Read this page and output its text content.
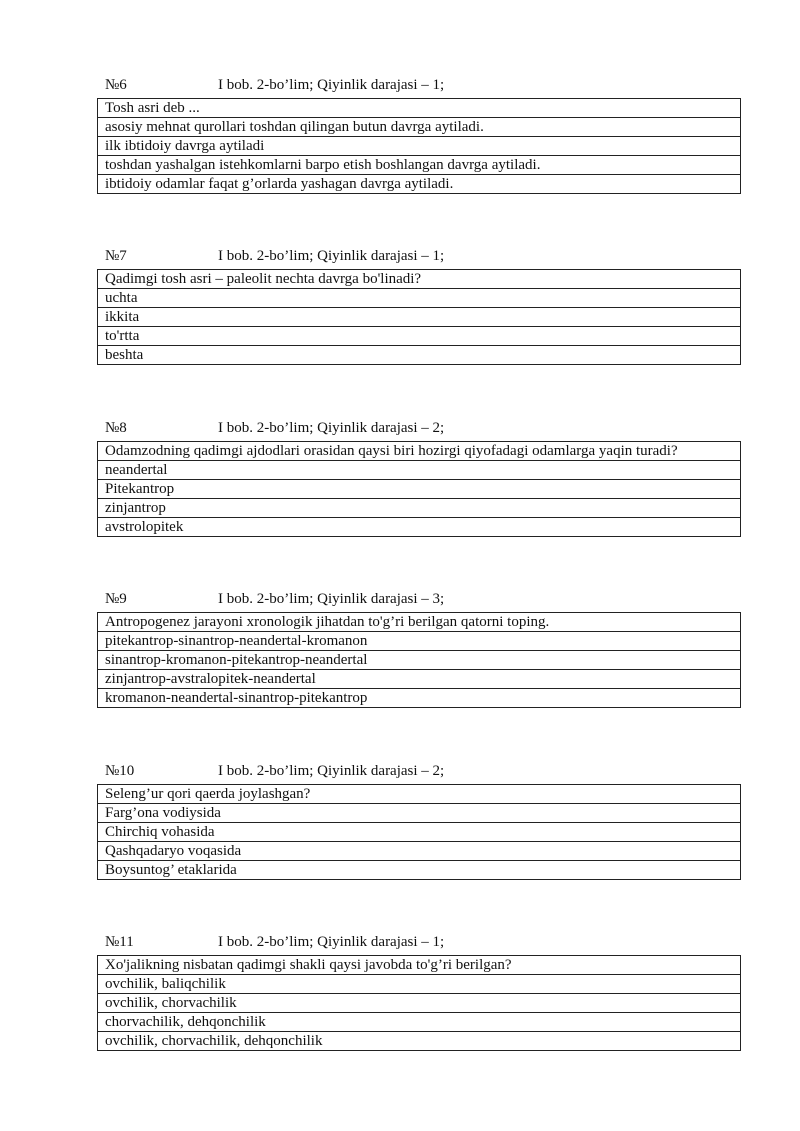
№6	I bob. 2-bo’lim; Qiyinlik darajasi – 1;
Tosh asri deb ...
asosiy mehnat qurollari toshdan qilingan butun davrga aytiladi.
ilk ibtidoiy davrga aytiladi
toshdan yashalgan istehkomlarni barpo etish boshlangan davrga aytiladi.
ibtidoiy odamlar faqat g’orlarda yashagan davrga aytiladi.
№7	I bob. 2-bo’lim; Qiyinlik darajasi – 1;
Qadimgi tosh asri – paleolit nechta davrga bo'linadi?
uchta
ikkita
to'rtta
beshta
№8	I bob. 2-bo’lim; Qiyinlik darajasi – 2;
Odamzodning qadimgi ajdodlari orasidan qaysi biri hozirgi qiyofadagi odamlarga yaqin turadi?
neandertal
Pitekantrop
zinjantrop
avstrolopitek
№9	I bob. 2-bo’lim; Qiyinlik darajasi – 3;
Antropogenez jarayoni xronologik jihatdan to'g’ri berilgan qatorni toping.
pitekantrop-sinantrop-neandertal-kromanon
sinantrop-kromanon-pitekantrop-neandertal
zinjantrop-avstralopitek-neandertal
kromanon-neandertal-sinantrop-pitekantrop
№10	I bob. 2-bo’lim; Qiyinlik darajasi – 2;
Seleng’ur qori qaerda joylashgan?
Farg’ona vodiysida
Chirchiq vohasida
Qashqadaryo voqasida
Boysuntog’ etaklarida
№11	I bob. 2-bo’lim; Qiyinlik darajasi – 1;
Xo'jalikning nisbatan qadimgi shakli qaysi javobda to'g’ri berilgan?
ovchilik, baliqchilik
ovchilik, chorvachilik
chorvachilik, dehqonchilik
ovchilik, chorvachilik, dehqonchilik
